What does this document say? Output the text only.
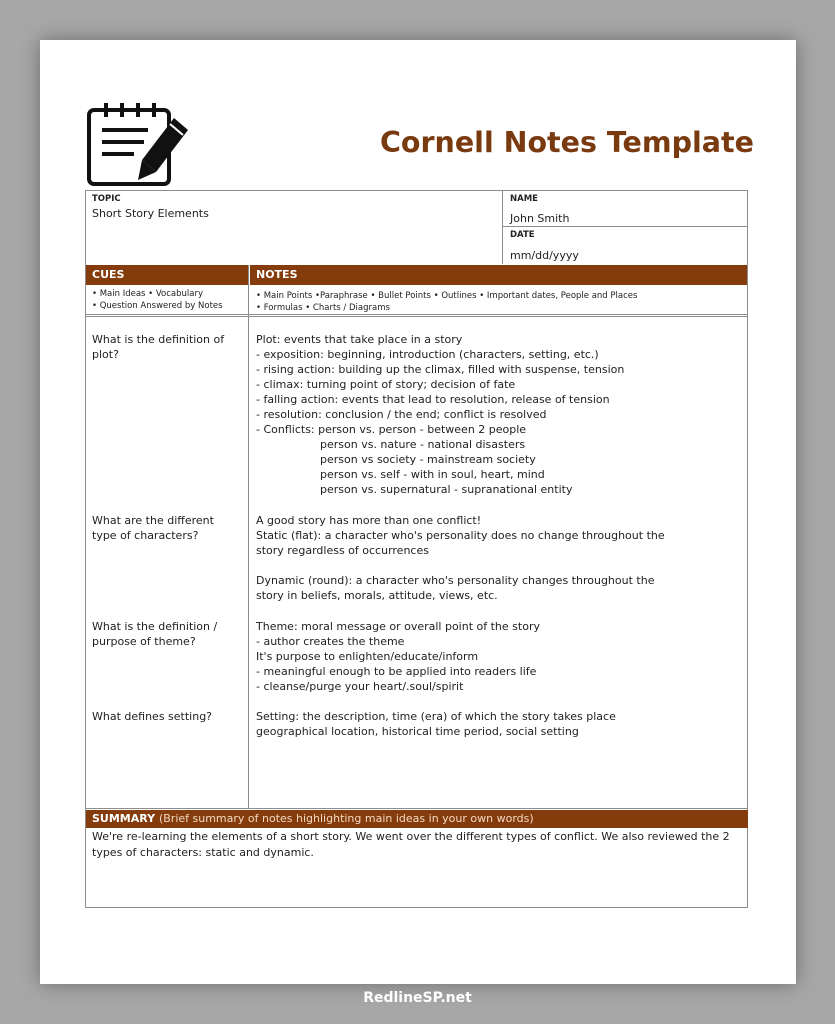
Cornell Notes Template
TOPIC
Short Story Elements
NAME
John Smith
DATE
mm/dd/yyyy
CUES	NOTES
• Main Ideas • Vocabulary
• Question Answered by Notes
• Main Points •Paraphrase • Bullet Points • Outlines • Important dates, People and Places
• Formulas • Charts / Diagrams
What is the definition of plot?
Plot: events that take place in a story
- exposition: beginning, introduction (characters, setting, etc.)
- rising action: building up the climax, filled with suspense, tension
- climax: turning point of story; decision of fate
- falling action: events that lead to resolution, release of tension
- resolution: conclusion / the end; conflict is resolved
- Conflicts: person vs. person - between 2 people
person vs. nature - national disasters
person vs society - mainstream society
person vs. self - with in soul, heart, mind
person vs. supernatural - supranational entity
What are the different type of characters?
A good story has more than one conflict!
Static (flat): a character who's personality does no change throughout the
story regardless of occurrences
Dynamic (round): a character who's personality changes throughout the
story in beliefs, morals, attitude, views, etc.
What is the definition / purpose of theme?
Theme: moral message or overall point of the story
- author creates the theme
It's purpose to enlighten/educate/inform
- meaningful enough to be applied into readers life
- cleanse/purge your heart/.soul/spirit
What defines setting?	Setting: the description, time (era) of which the story takes place
geographical location, historical time period, social setting
SUMMARY (Brief summary of notes highlighting main ideas in your own words)
We're re-learning the elements of a short story. We went over the different types of conflict. We also reviewed the 2 types of characters: static and dynamic.
RedlineSP.net
